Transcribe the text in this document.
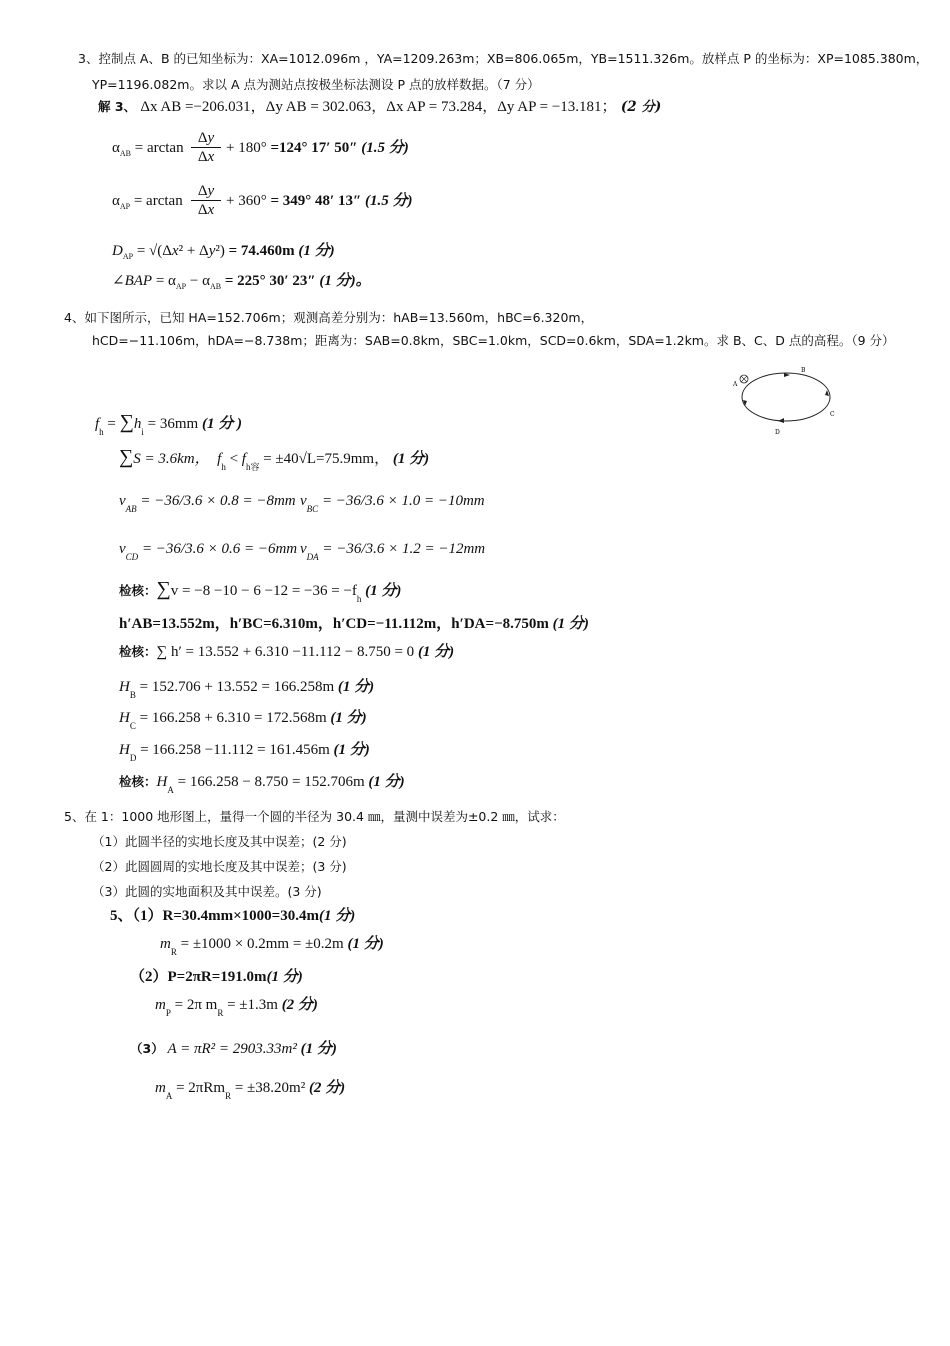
3、控制点 A、B 的已知坐标为：XA=1012.096m ，YA=1209.263m；XB=806.065m，YB=1511.326m。放样点 P 的坐标为：XP=1085.380m，
YP=1196.082m。求以 A 点为测站点按极坐标法测设 P 点的放样数据。（7 分）
解 3、 Δx AB =−206.031，Δy AB = 302.063，Δx AP = 73.284，Δy AP = −13.181； (2 分)
$\alpha_{AB} = \arctan$
Δy
Δx
+ 180° =124° 17′ 50″ (1.5 分)
$\alpha_{AP} = \arctan$
Δy
Δx
+ 360° = 349° 48′ 13″ (1.5 分)
$D_{AP} = √(\Delta x^2 + \Delta y^2) = 74.460m$ (1 分)
∠BAP = $\alpha_{AP} - \alpha_{AB} = 225^\circ$ 30′ 23″ (1 分)。
4、如下图所示，已知 HA=152.706m；观测高差分别为：hAB=13.560m，hBC=6.320m，
hCD=−11.106m，hDA=−8.738m；距离为：SAB=0.8km，SBC=1.0km，SCD=0.6km，SDA=1.2km。求 B、C、D 点的高程。（9 分）
A
B
C
D
$f_h = \sum h_i = 36mm$ (1 分 )
∑S = 3.6km， $f_h < f_{h容} = \pm 40√L=75.9mm$， (1 分)
$v_{AB} = -36/3.6 \times 0.8 = -8mm$ $v_{BC} = -36/3.6 \times 1.0 = -10mm$
$v_{CD} = -36/3.6 \times 0.6 = -6mm$ $v_{DA} = -36/3.6 \times 1.2 = -12mm$
检核：$\sum v = -8 -10 - 6 -12 = -36 = -f_h$ (1 分)
h′AB=13.552m，h′BC=6.310m，h′CD=−11.112m，h′DA=−8.750m (1 分)
检核：∑ h′ = 13.552 + 6.310 −11.112 − 8.750 = 0 (1 分)
$H_B = 152.706 + 13.552 = 166.258m$ (1 分)
$H_C = 166.258 + 6.310 = 172.568m$ (1 分)
$H_D = 166.258 -11.112 = 161.456m$ (1 分)
检核：$H_A = 166.258 - 8.750 = 152.706m$ (1 分)
5、在 1：1000 地形图上，量得一个圆的半径为 30.4 ㎜，量测中误差为±0.2 ㎜，试求：
（1）此圆半径的实地长度及其中误差；(2 分)
（2）此圆圆周的实地长度及其中误差；(3 分)
（3）此圆的实地面积及其中误差。(3 分)
5、（1）R=30.4mm×1000=30.4m(1 分)
$m_R = \pm 1000 \times 0.2mm = \pm 0.2m$ (1 分)
（2）P=2πR=191.0m(1 分)
$m_P = 2\pi$ $m_R = \pm 1.3m$ (2 分)
（3） A = πR² = 2903.33m² (1 分)
$m_A = 2\pi Rm_R = \pm 38.20m^2$ (2 分)
